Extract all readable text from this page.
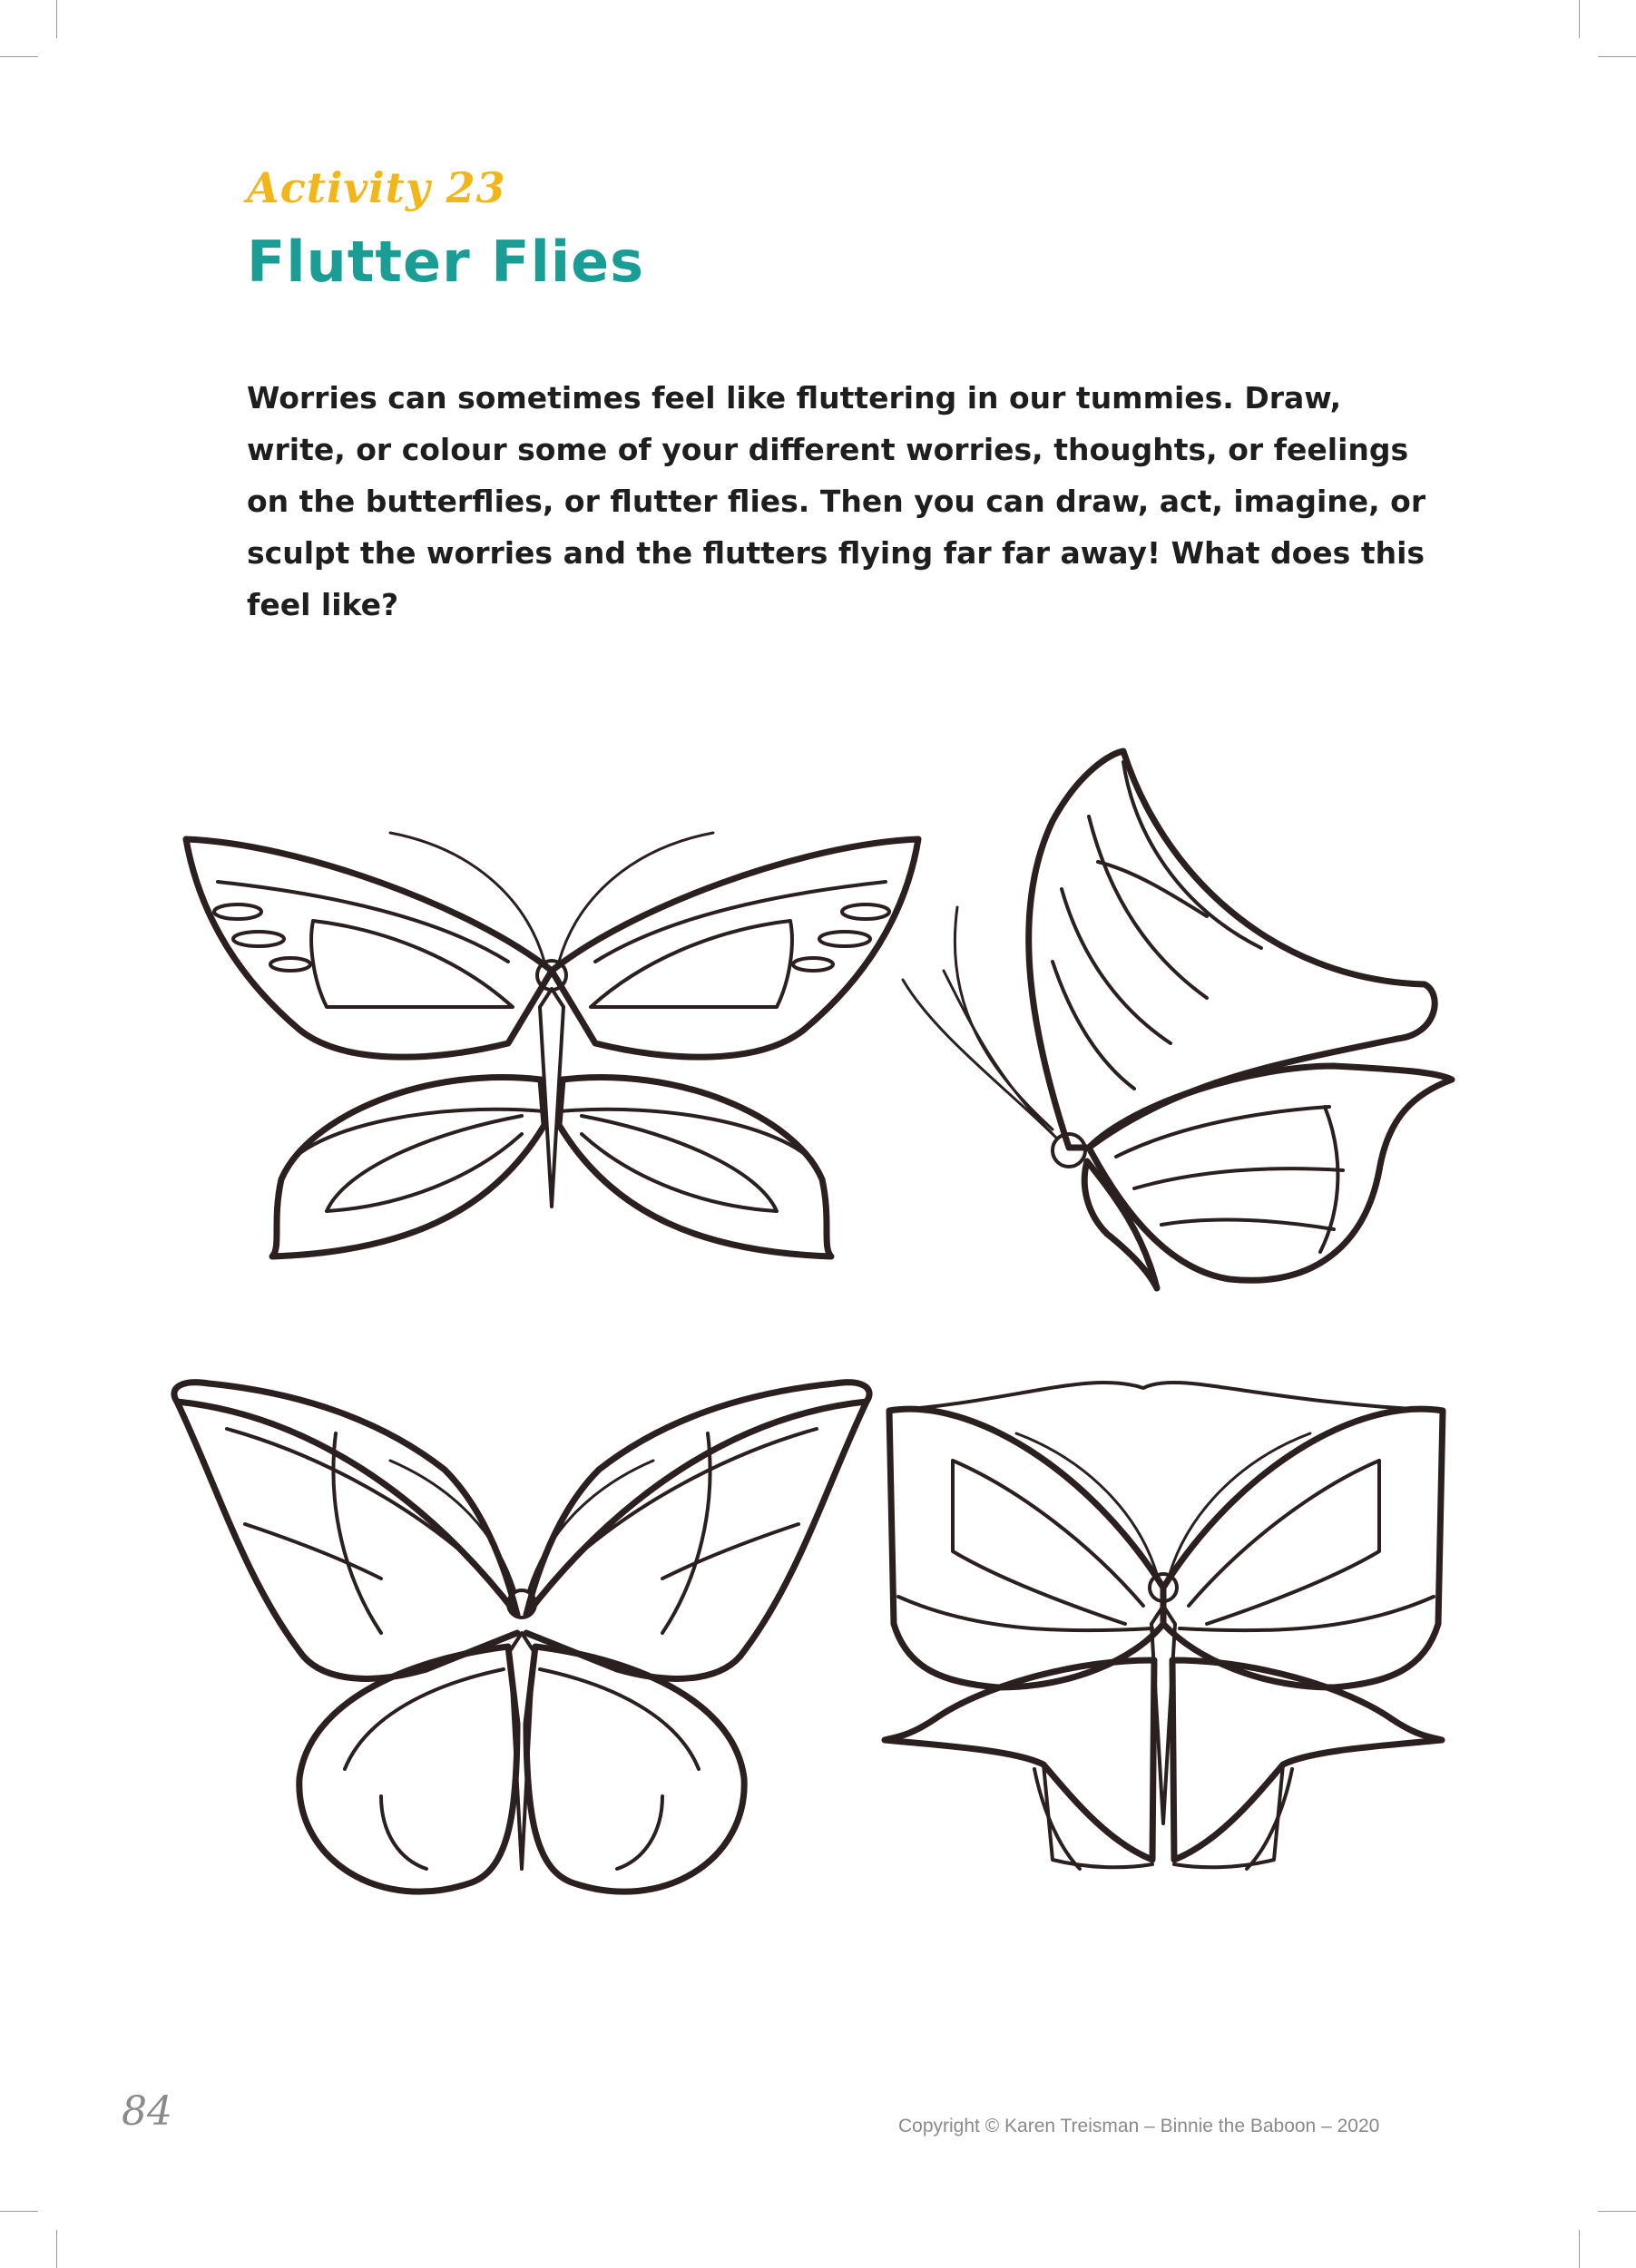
Activity 23
Flutter Flies

Worries can sometimes feel like fluttering in our tummies. Draw, write, or colour some of your different worries, thoughts, or feelings on the butterflies, or flutter flies. Then you can draw, act, imagine, or sculpt the worries and the flutters flying far far away! What does this feel like?

84	Copyright © Karen Treisman – Binnie the Baboon – 2020
